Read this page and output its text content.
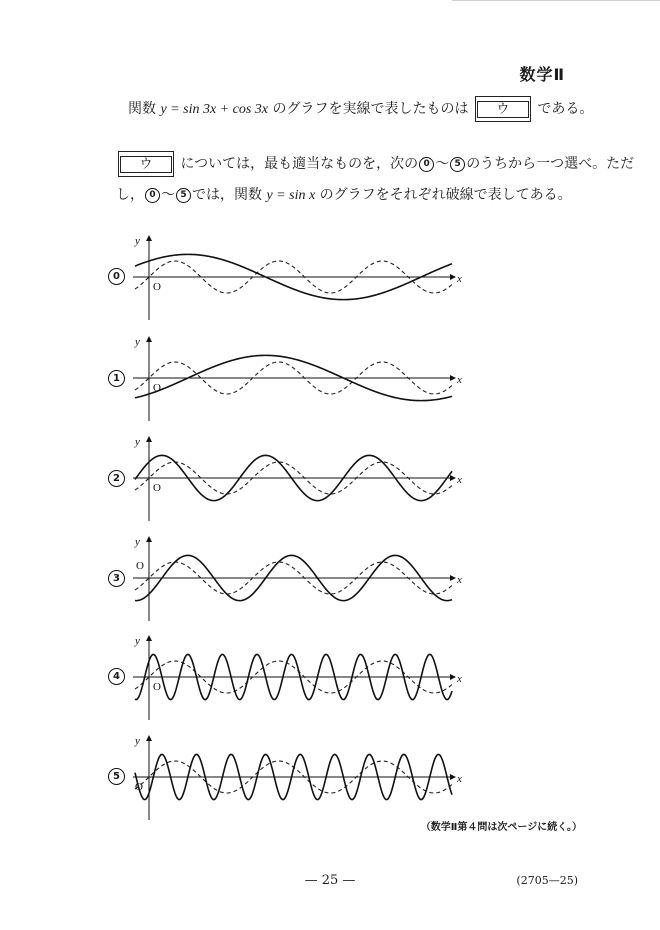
数学Ⅱ
関数 y = sin 3x + cos 3x のグラフを実線で表したものは ウ である。
ウ については，最も適当なものを，次の 0 〜 5 のうちから一つ選べ。ただ
し， 0 〜 5 では，関数 y = sin x のグラフをそれぞれ破線で表してある。
0
y
x
O
1
y
x
O
2
y
x
O
3
y
x
O
4
y
x
O
5
y
x
O
（数学Ⅱ第４問は次ページに続く。）
— 25 —	(2705—25)
